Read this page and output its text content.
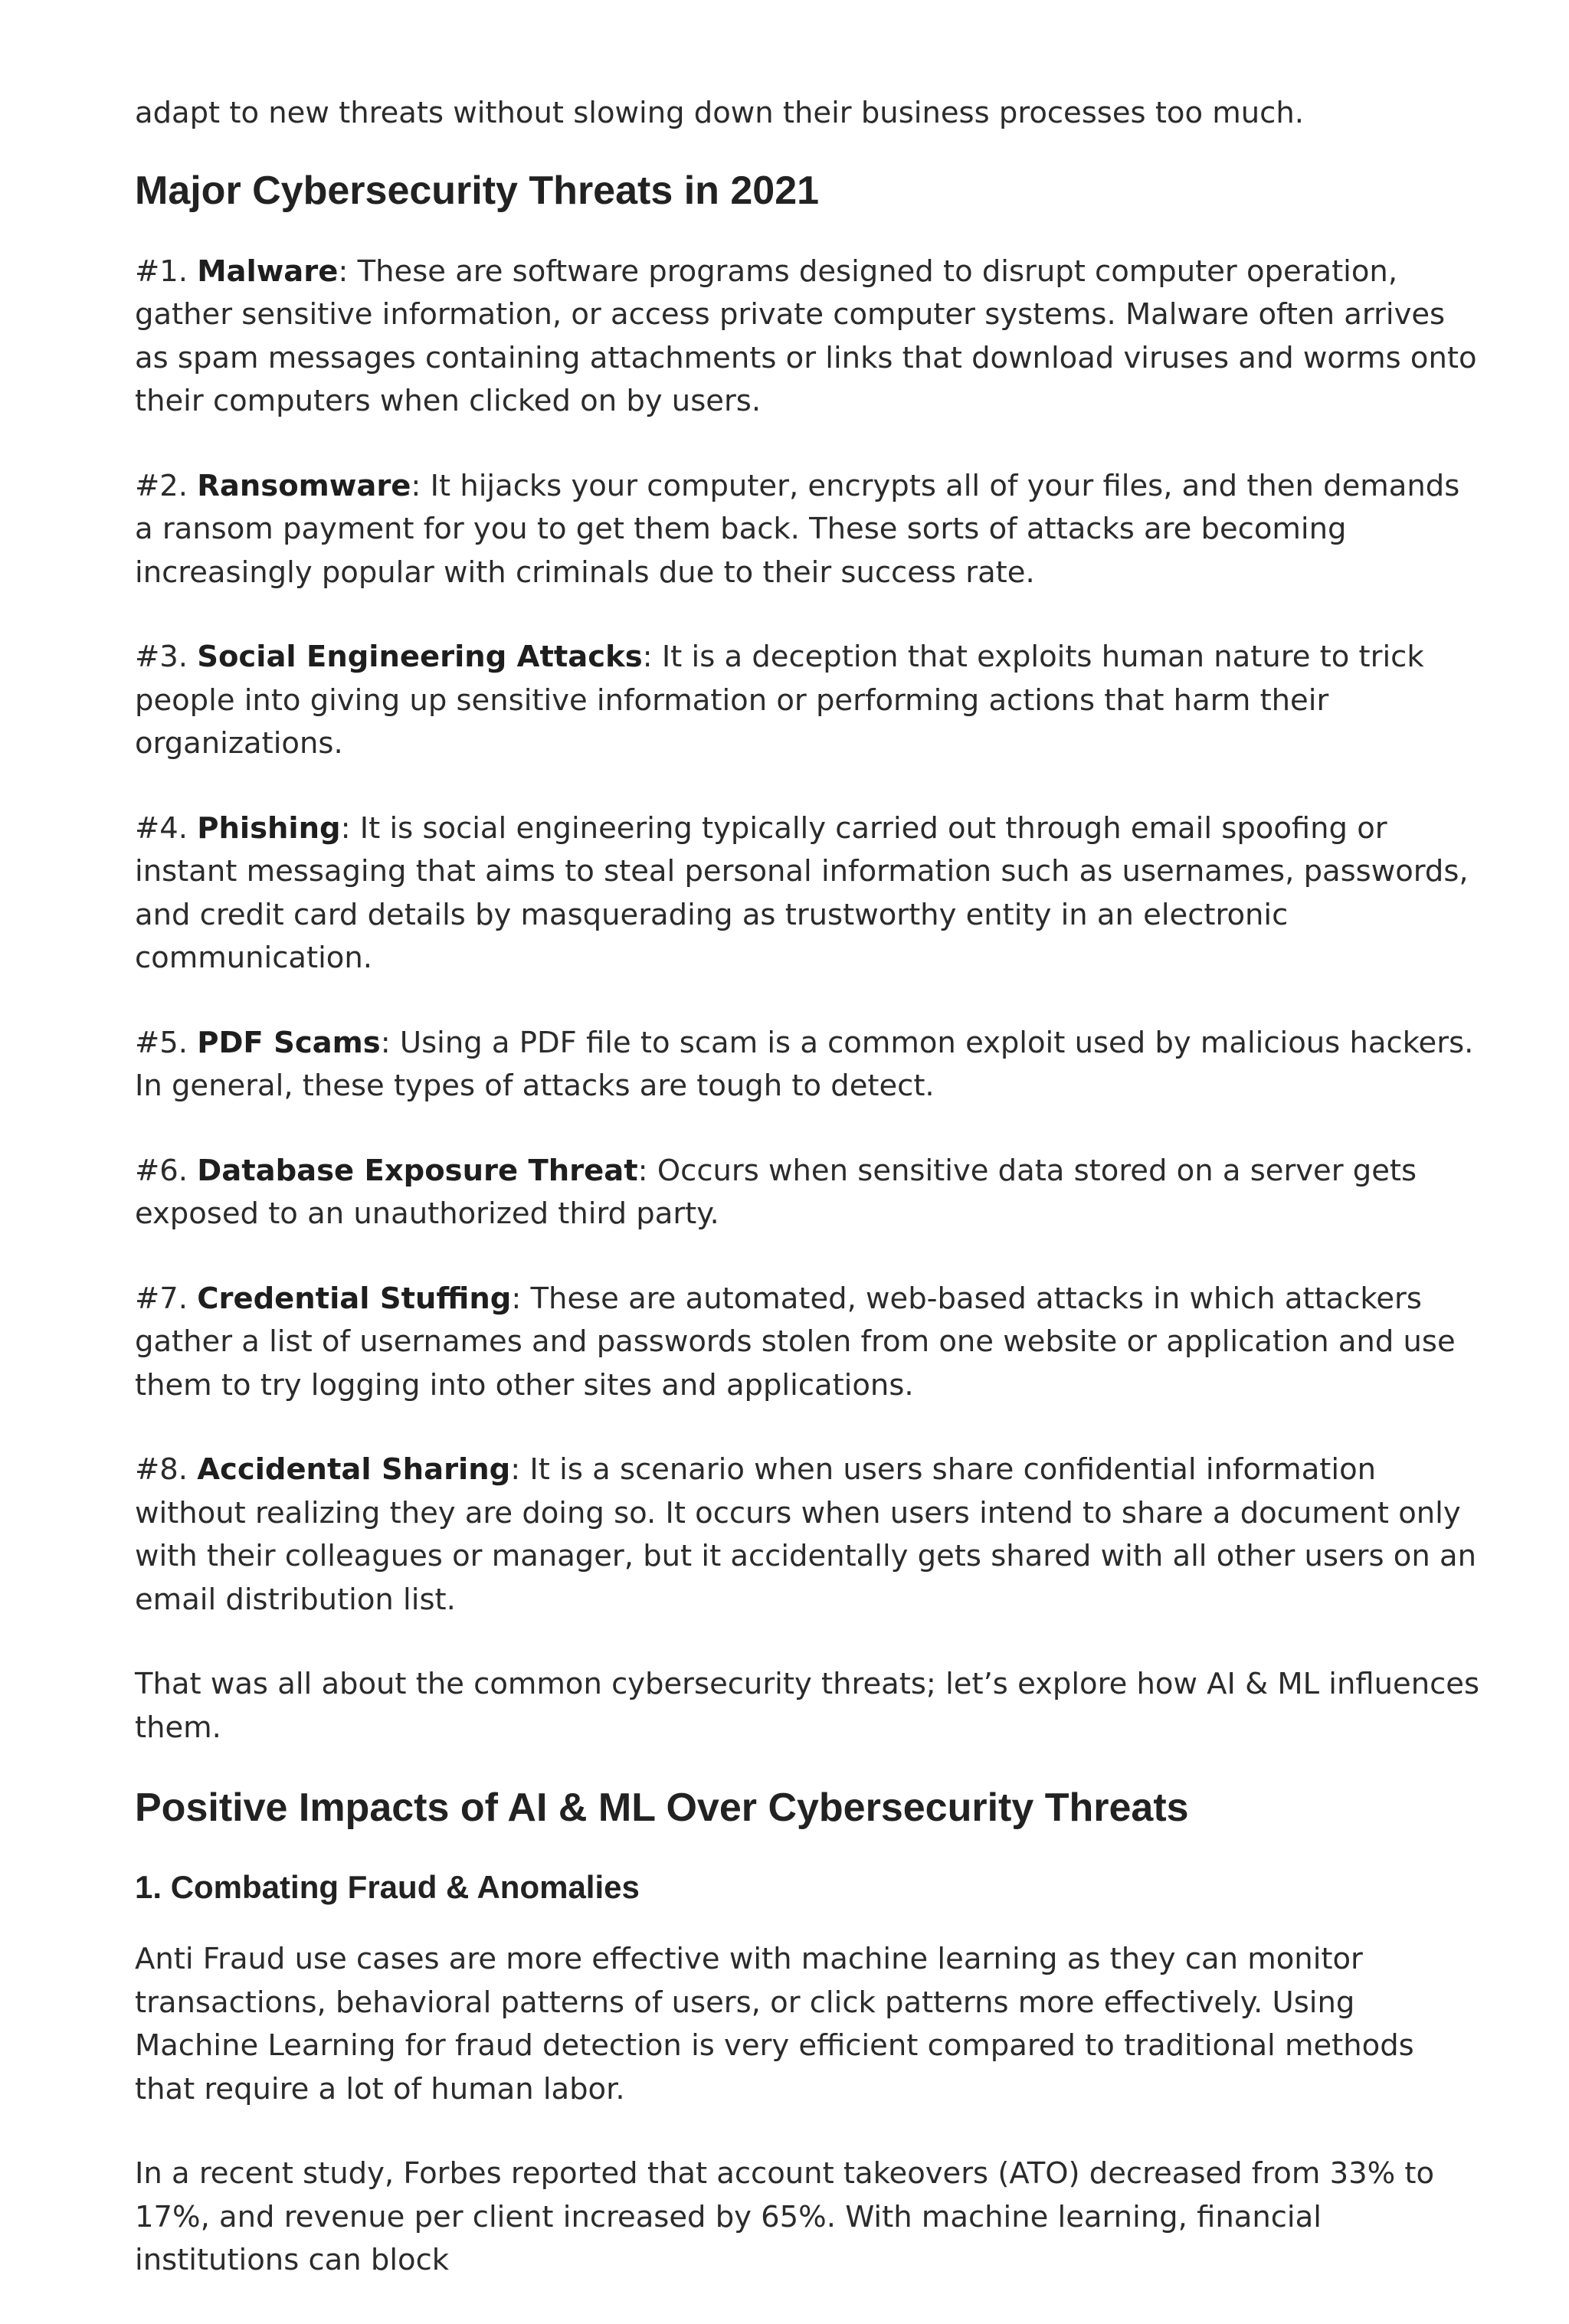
adapt to new threats without slowing down their business processes too much.

Major Cybersecurity Threats in 2021

#1. Malware: These are software programs designed to disrupt computer operation, gather sensitive information, or access private computer systems. Malware often arrives as spam messages containing attachments or links that download viruses and worms onto their computers when clicked on by users.

#2. Ransomware: It hijacks your computer, encrypts all of your files, and then demands a ransom payment for you to get them back. These sorts of attacks are becoming increasingly popular with criminals due to their success rate.

#3. Social Engineering Attacks: It is a deception that exploits human nature to trick people into giving up sensitive information or performing actions that harm their organizations.

#4. Phishing: It is social engineering typically carried out through email spoofing or instant messaging that aims to steal personal information such as usernames, passwords, and credit card details by masquerading as trustworthy entity in an electronic communication.

#5. PDF Scams: Using a PDF file to scam is a common exploit used by malicious hackers. In general, these types of attacks are tough to detect.

#6. Database Exposure Threat: Occurs when sensitive data stored on a server gets exposed to an unauthorized third party.

#7. Credential Stuffing: These are automated, web-based attacks in which attackers gather a list of usernames and passwords stolen from one website or application and use them to try logging into other sites and applications.

#8. Accidental Sharing: It is a scenario when users share confidential information without realizing they are doing so. It occurs when users intend to share a document only with their colleagues or manager, but it accidentally gets shared with all other users on an email distribution list.

That was all about the common cybersecurity threats; let’s explore how AI & ML influences them.

Positive Impacts of AI & ML Over Cybersecurity Threats
1. Combating Fraud & Anomalies

Anti Fraud use cases are more effective with machine learning as they can monitor transactions, behavioral patterns of users, or click patterns more effectively. Using Machine Learning for fraud detection is very efficient compared to traditional methods that require a lot of human labor.

In a recent study, Forbes reported that account takeovers (ATO) decreased from 33% to 17%, and revenue per client increased by 65%. With machine learning, financial institutions can block
